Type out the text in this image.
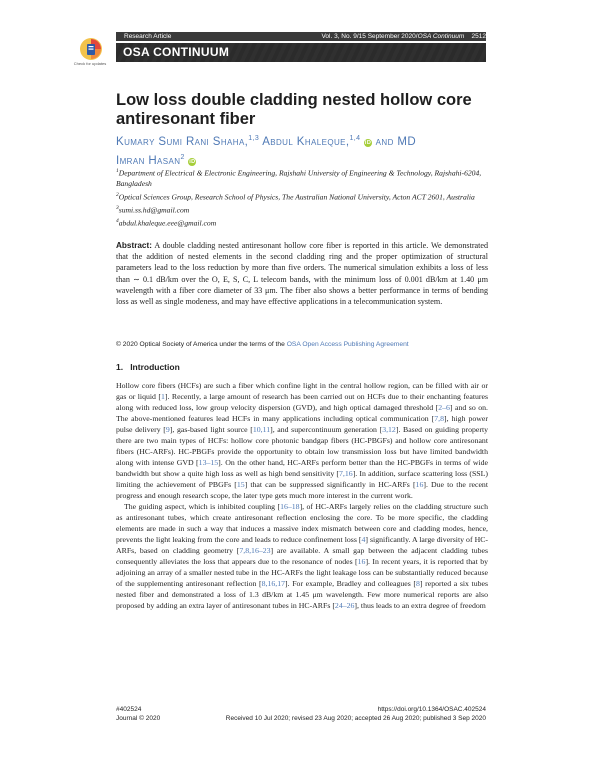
Check for updates
Research Article	Vol. 3, No. 9/15 September 2020/OSA Continuum 2512
OSA CONTINUUM
Low loss double cladding nested hollow core antiresonant fiber
Kumary Sumi Rani Shaha,$^{1,3}$ Abdul Khaleque,$^{1,4}$ iD and MD
Imran Hasan$^2$ iD
$^1$Department of Electrical & Electronic Engineering, Rajshahi University of Engineering & Technology, Rajshahi-6204, Bangladesh
$^2$Optical Sciences Group, Research School of Physics, The Australian National University, Acton ACT 2601, Australia
$^3$sumi.ss.hd@gmail.com
$^4$abdul.khaleque.eee@gmail.com
Abstract: A double cladding nested antiresonant hollow core fiber is reported in this article. We demonstrated that the addition of nested elements in the second cladding ring and the proper optimization of structural parameters lead to the loss reduction by more than five orders. The numerical simulation exhibits a loss of less than ∼ 0.1 dB/km over the O, E, S, C, L telecom bands, with the minimum loss of 0.001 dB/km at 1.40 μm wavelength with a fiber core diameter of 33 μm. The fiber also shows a better performance in terms of bending loss as well as single modeness, and may have effective applications in a telecommunication system.
© 2020 Optical Society of America under the terms of the OSA Open Access Publishing Agreement
1. Introduction

Hollow core fibers (HCFs) are such a fiber which confine light in the central hollow region, can be filled with air or gas or liquid [1]. Recently, a large amount of research has been carried out on HCFs due to their enchanting features along with reduced loss, low group velocity dispersion (GVD), and high optical damaged threshold [2–6] and so on. The above-mentioned features lead HCFs in many applications including optical communication [7,8], high power pulse delivery [9], gas-based light source [10,11], and supercontinuum generation [3,12]. Based on guiding property there are two main types of HCFs: hollow core photonic bandgap fibers (HC-PBGFs) and hollow core antiresonant fibers (HC-ARFs). HC-PBGFs provide the opportunity to obtain low transmission loss but have limited bandwidth along with intense GVD [13–15]. On the other hand, HC-ARFs perform better than the HC-PBGFs in terms of wide bandwidth but show a quite high loss as well as high bend sensitivity [7,16]. In addition, surface scattering loss (SSL) limiting the achievement of PBGFs [15] that can be suppressed significantly in HC-ARFs [16]. Due to the recent progress and enough research scope, the later type gets much more interest in the current work.

The guiding aspect, which is inhibited coupling [16–18], of HC-ARFs largely relies on the cladding structure such as antiresonant tubes, which create antiresonant reflection enclosing the core. To be more specific, the cladding elements are made in such a way that induces a massive index mismatch between core and cladding modes, hence, prevents the light leaking from the core and leads to reduce confinement loss [4] significantly. A large diversity of HC-ARFs, based on cladding geometry [7,8,16–23] are available. A small gap between the adjacent cladding tubes consequently alleviates the loss that appears due to the resonance of nodes [16]. In recent years, it is reported that by adjoining an array of a smaller nested tube in the HC-ARFs the light leakage loss can be substantially reduced because of the supplementing antiresonant reflection [8,16,17]. For example, Bradley and colleagues [8] reported a six tubes nested fiber and demonstrated a loss of 1.3 dB/km at 1.45 μm wavelength. Few more numerical reports are also proposed by adding an extra layer of antiresonant tubes in HC-ARFs [24–26], thus leads to an extra degree of freedom

#402524
Journal © 2020
https://doi.org/10.1364/OSAC.402524
Received 10 Jul 2020; revised 23 Aug 2020; accepted 26 Aug 2020; published 3 Sep 2020
